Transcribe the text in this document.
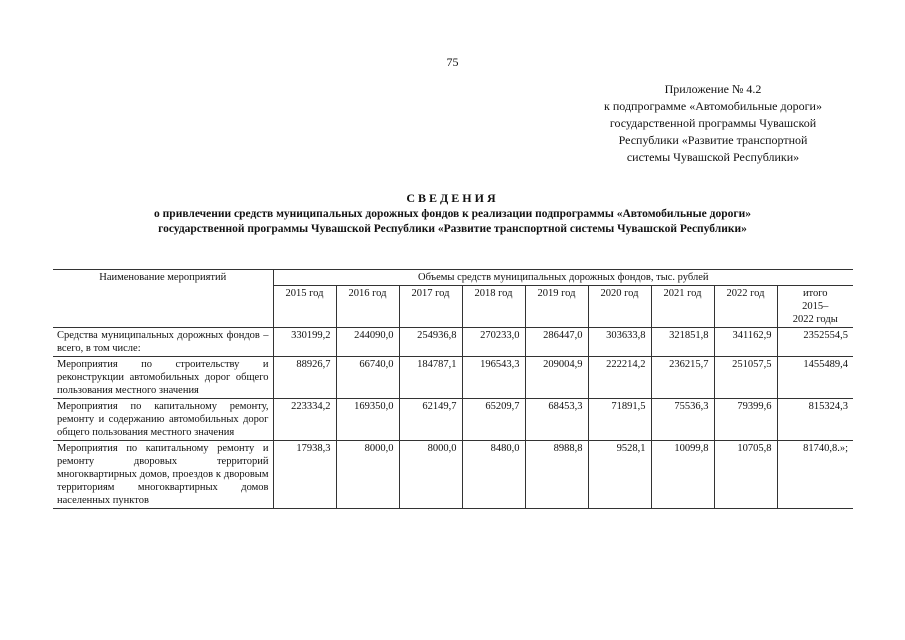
75
Приложение № 4.2
к подпрограмме «Автомобильные дороги»
государственной программы Чувашской
Республики «Развитие транспортной
системы Чувашской Республики»
СВЕДЕНИЯ
о привлечении средств муниципальных дорожных фондов к реализации подпрограммы «Автомобильные дороги»
государственной программы Чувашской Республики «Развитие транспортной системы Чувашской Республики»
Наименование мероприятий	Объемы средств муниципальных дорожных фондов, тыс. рублей								
	2015 год	2016 год	2017 год	2018 год	2019 год	2020 год	2021 год	2022 год	итого
2015–
2022 годы

Средства муниципальных дорожных фондов – всего, в том числе:	330199,2	244090,0	254936,8	270233,0	286447,0	303633,8	321851,8	341162,9	2352554,5
Мероприятия по строительству и реконструкции автомобильных дорог общего пользования местного значения	88926,7	66740,0	184787,1	196543,3	209004,9	222214,2	236215,7	251057,5	1455489,4
Мероприятия по капитальному ремонту, ремонту и содержанию автомобильных дорог общего пользования местного значения	223334,2	169350,0	62149,7	65209,7	68453,3	71891,5	75536,3	79399,6	815324,3
Мероприятия по капитальному ремонту и ремонту дворовых территорий многоквартирных домов, проездов к дворовым территориям многоквартирных домов населенных пунктов	17938,3	8000,0	8000,0	8480,0	8988,8	9528,1	10099,8	10705,8	81740,8.»;
